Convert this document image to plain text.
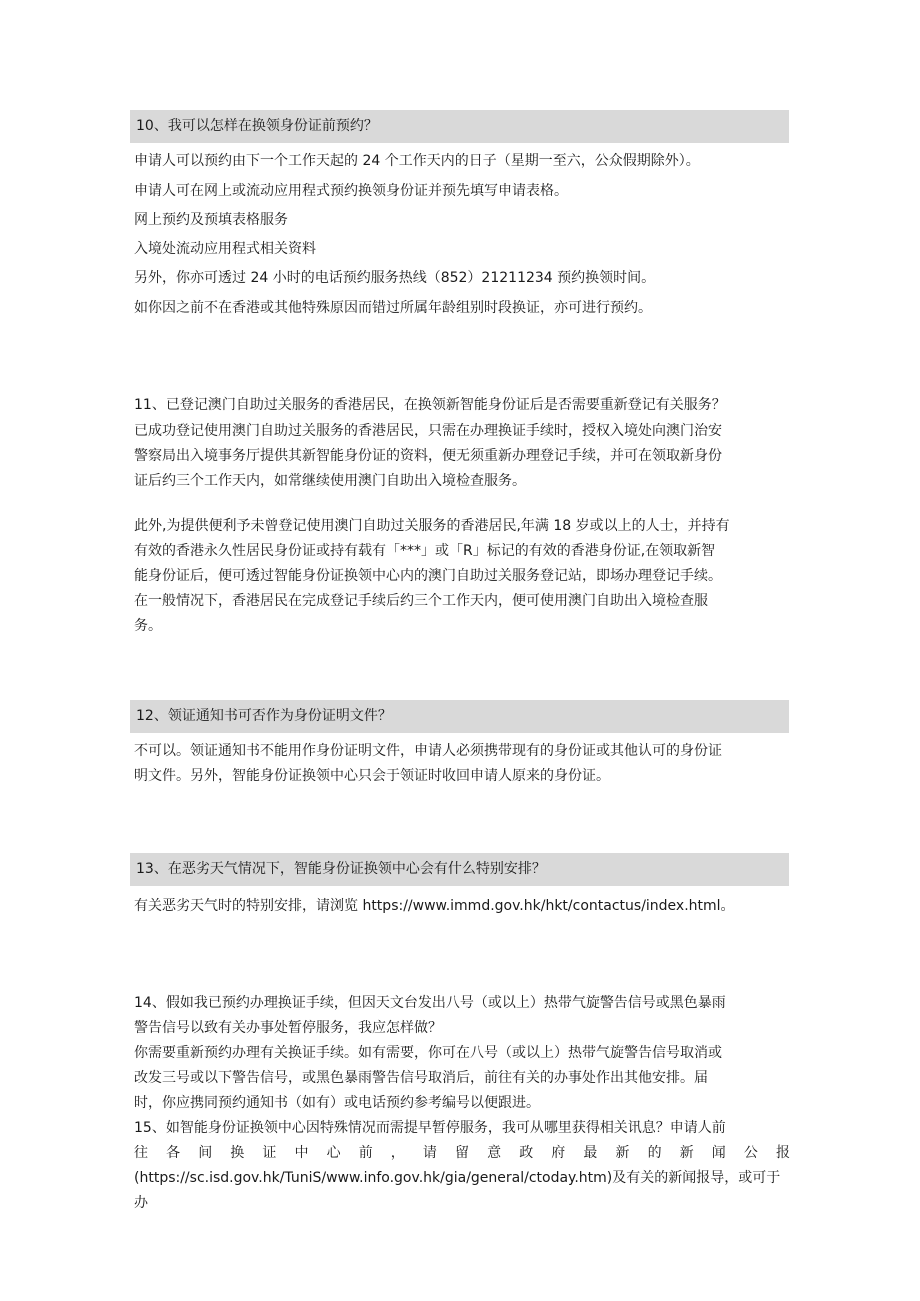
10、我可以怎样在换领身份证前预约？
申请人可以预约由下一个工作天起的 24 个工作天内的日子（星期一至六，公众假期除外）。
申请人可在网上或流动应用程式预约换领身份证并预先填写申请表格。
网上预约及预填表格服务
入境处流动应用程式相关资料
另外，你亦可透过 24 小时的电话预约服务热线（852）21211234 预约换领时间。
如你因之前不在香港或其他特殊原因而错过所属年龄组别时段换证，亦可进行预约。
11、已登记澳门自助过关服务的香港居民，在换领新智能身份证后是否需要重新登记有关服务？
已成功登记使用澳门自助过关服务的香港居民，只需在办理换证手续时，授权入境处向澳门治安
警察局出入境事务厅提供其新智能身份证的资料，便无须重新办理登记手续，并可在领取新身份
证后约三个工作天内，如常继续使用澳门自助出入境检查服务。
此外,为提供便利予未曾登记使用澳门自助过关服务的香港居民,年满 18 岁或以上的人士，并持有
有效的香港永久性居民身份证或持有载有「***」或「R」标记的有效的香港身份证,在领取新智
能身份证后，便可透过智能身份证换领中心内的澳门自助过关服务登记站，即场办理登记手续。
在一般情况下，香港居民在完成登记手续后约三个工作天内，便可使用澳门自助出入境检查服
务。
12、领证通知书可否作为身份证明文件？
不可以。领证通知书不能用作身份证明文件，申请人必须携带现有的身份证或其他认可的身份证
明文件。另外，智能身份证换领中心只会于领证时收回申请人原来的身份证。
13、在恶劣天气情况下，智能身份证换领中心会有什么特别安排？
有关恶劣天气时的特别安排，请浏览 https://www.immd.gov.hk/hkt/contactus/index.html。
14、假如我已预约办理换证手续，但因天文台发出八号（或以上）热带气旋警告信号或黑色暴雨
警告信号以致有关办事处暂停服务，我应怎样做？
你需要重新预约办理有关换证手续。如有需要，你可在八号（或以上）热带气旋警告信号取消或
改发三号或以下警告信号，或黑色暴雨警告信号取消后，前往有关的办事处作出其他安排。届
时，你应携同预约通知书（如有）或电话预约参考编号以便跟进。
15、如智能身份证换领中心因特殊情况而需提早暂停服务，我可从哪里获得相关讯息？申请人前
往 各 间 换 证 中 心 前 ， 请 留 意 政 府 最 新 的 新 闻 公 报
(https://sc.isd.gov.hk/TuniS/www.info.gov.hk/gia/general/ctoday.htm)及有关的新闻报导，或可于办
